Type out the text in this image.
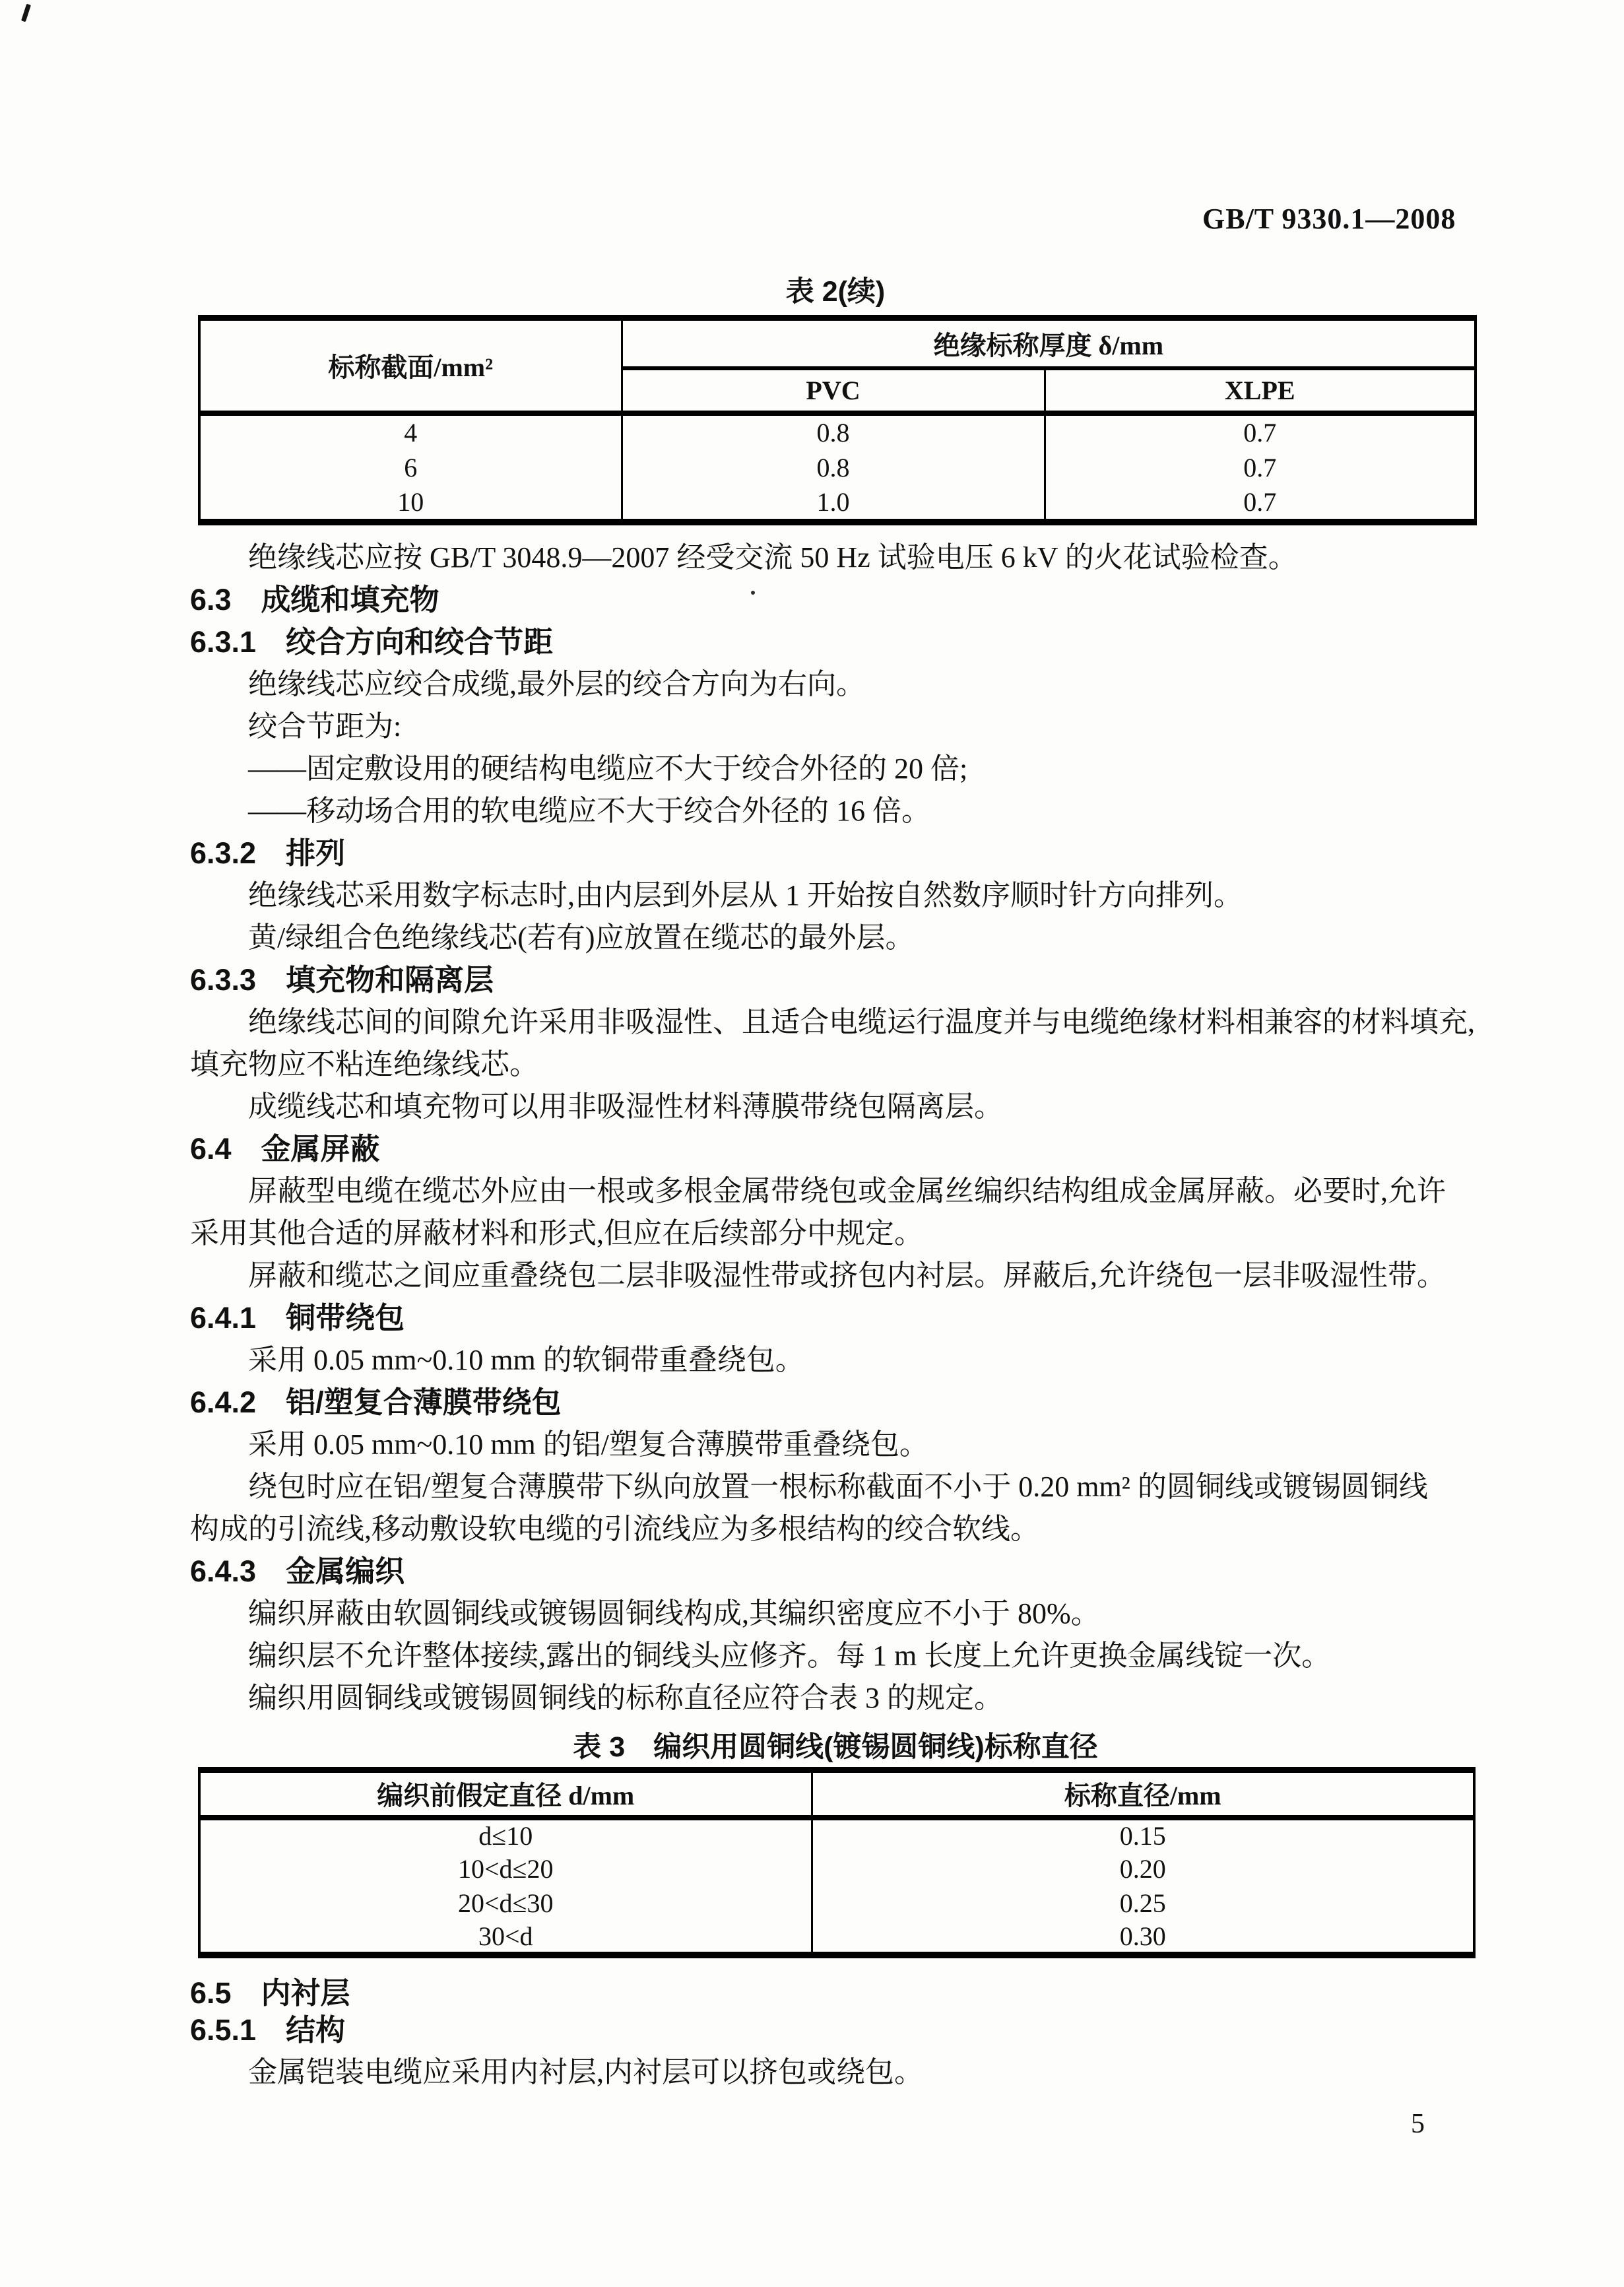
GB/T 9330.1—2008
表 2(续)
标称截面/mm²	绝缘标称厚度 δ/mm	
	PVC	XLPE
4	0.8	0.7
6	0.8	0.7
10	1.0	0.7
　　绝缘线芯应按 GB/T 3048.9—2007 经受交流 50 Hz 试验电压 6 kV 的火花试验检查。
6.3　成缆和填充物
6.3.1　绞合方向和绞合节距
　　绝缘线芯应绞合成缆,最外层的绞合方向为右向。
　　绞合节距为:
　　——固定敷设用的硬结构电缆应不大于绞合外径的 20 倍;
　　——移动场合用的软电缆应不大于绞合外径的 16 倍。
6.3.2　排列
　　绝缘线芯采用数字标志时,由内层到外层从 1 开始按自然数序顺时针方向排列。
　　黄/绿组合色绝缘线芯(若有)应放置在缆芯的最外层。
6.3.3　填充物和隔离层
　　绝缘线芯间的间隙允许采用非吸湿性、且适合电缆运行温度并与电缆绝缘材料相兼容的材料填充,
填充物应不粘连绝缘线芯。
　　成缆线芯和填充物可以用非吸湿性材料薄膜带绕包隔离层。
6.4　金属屏蔽
　　屏蔽型电缆在缆芯外应由一根或多根金属带绕包或金属丝编织结构组成金属屏蔽。必要时,允许
采用其他合适的屏蔽材料和形式,但应在后续部分中规定。
　　屏蔽和缆芯之间应重叠绕包二层非吸湿性带或挤包内衬层。屏蔽后,允许绕包一层非吸湿性带。
6.4.1　铜带绕包
　　采用 0.05 mm~0.10 mm 的软铜带重叠绕包。
6.4.2　铝/塑复合薄膜带绕包
　　采用 0.05 mm~0.10 mm 的铝/塑复合薄膜带重叠绕包。
　　绕包时应在铝/塑复合薄膜带下纵向放置一根标称截面不小于 0.20 mm² 的圆铜线或镀锡圆铜线
构成的引流线,移动敷设软电缆的引流线应为多根结构的绞合软线。
6.4.3　金属编织
　　编织屏蔽由软圆铜线或镀锡圆铜线构成,其编织密度应不小于 80%。
　　编织层不允许整体接续,露出的铜线头应修齐。每 1 m 长度上允许更换金属线锭一次。
　　编织用圆铜线或镀锡圆铜线的标称直径应符合表 3 的规定。
表 3　编织用圆铜线(镀锡圆铜线)标称直径
编织前假定直径 d/mm	标称直径/mm
d≤10	0.15
10<d≤20	0.20
20<d≤30	0.25
30<d	0.30
6.5　内衬层
6.5.1　结构
　　金属铠装电缆应采用内衬层,内衬层可以挤包或绕包。
5
